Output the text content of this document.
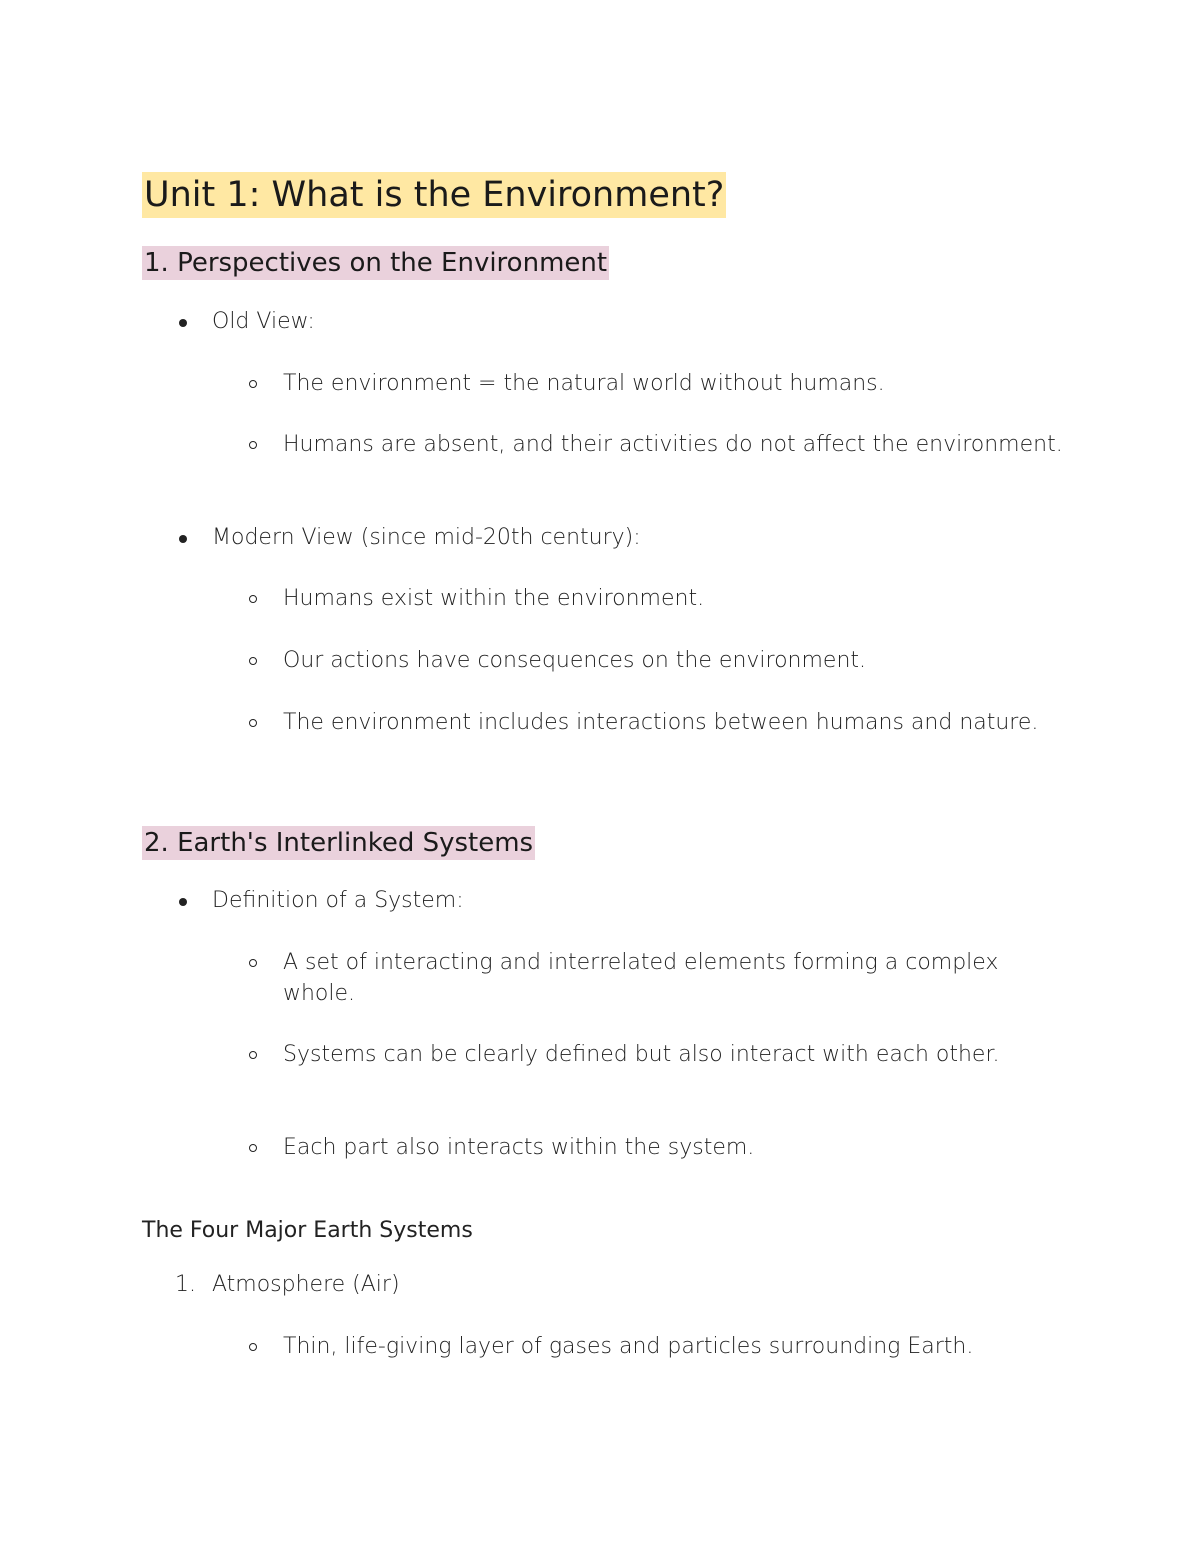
Unit 1: What is the Environment?
1. Perspectives on the Environment
Old View:
The environment = the natural world without humans.
Humans are absent, and their activities do not affect the environment.
Modern View (since mid-20th century):
Humans exist within the environment.
Our actions have consequences on the environment.
The environment includes interactions between humans and nature.
2. Earth's Interlinked Systems
Definition of a System:
A set of interacting and interrelated elements forming a complex whole.
Systems can be clearly defined but also interact with each other.
Each part also interacts within the system.
The Four Major Earth Systems
1. Atmosphere (Air)
Thin, life-giving layer of gases and particles surrounding Earth.
